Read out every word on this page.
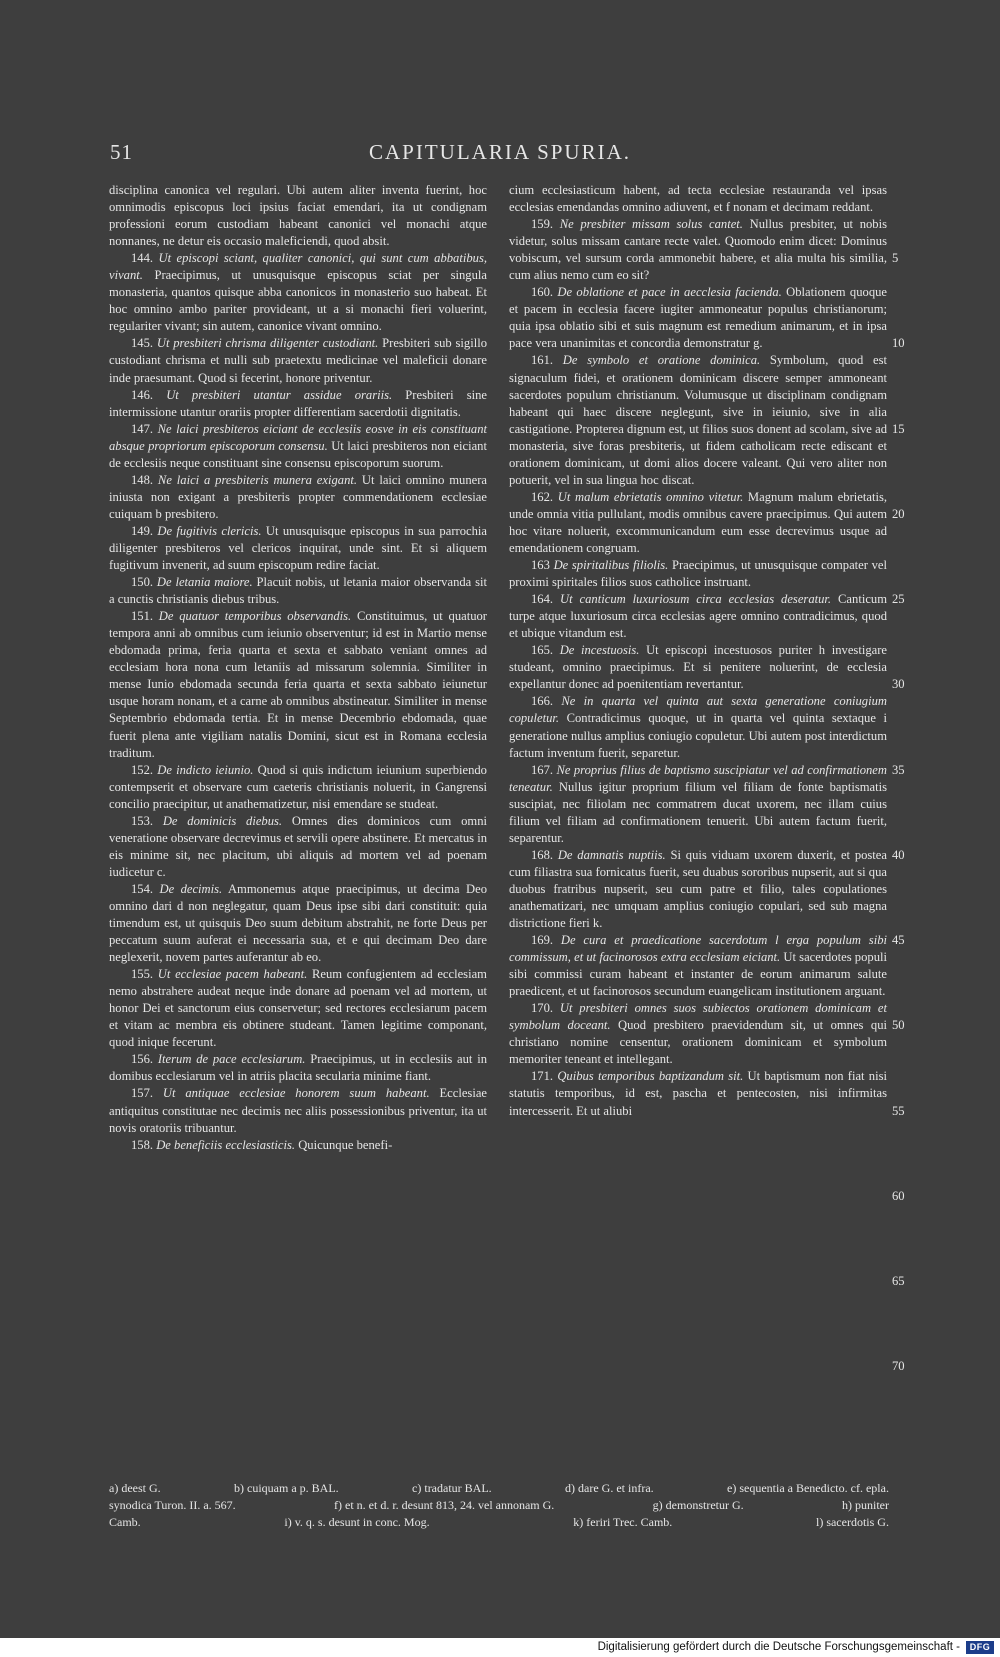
51	CAPITULARIA SPURIA.

disciplina canonica vel regulari. Ubi autem aliter inventa fuerint, hoc omnimodis episcopus loci ipsius faciat emendari, ita ut condignam professioni eorum custodiam habeant canonici vel monachi atque nonnanes, ne detur eis occasio maleficiendi, quod absit.

144. Ut episcopi sciant, qualiter canonici, qui sunt cum abbatibus, vivant. Praecipimus, ut unusquisque episcopus sciat per singula monasteria, quantos quisque abba canonicos in monasterio suo habeat. Et hoc omnino ambo pariter provideant, ut a si monachi fieri voluerint, regulariter vivant; sin autem, canonice vivant omnino.

145. Ut presbiteri chrisma diligenter custodiant. Presbiteri sub sigillo custodiant chrisma et nulli sub praetextu medicinae vel maleficii donare inde praesumant. Quod si fecerint, honore priventur.

146. Ut presbiteri utantur assidue orariis. Presbiteri sine intermissione utantur orariis propter differentiam sacerdotii dignitatis.

147. Ne laici presbiteros eiciant de ecclesiis eosve in eis constituant absque propriorum episcoporum consensu. Ut laici presbiteros non eiciant de ecclesiis neque constituant sine consensu episcoporum suorum.

148. Ne laici a presbiteris munera exigant. Ut laici omnino munera iniusta non exigant a presbiteris propter commendationem ecclesiae cuiquam b presbitero.

149. De fugitivis clericis. Ut unusquisque episcopus in sua parrochia diligenter presbiteros vel clericos inquirat, unde sint. Et si aliquem fugitivum invenerit, ad suum episcopum redire faciat.

150. De letania maiore. Placuit nobis, ut letania maior observanda sit a cunctis christianis diebus tribus.

151. De quatuor temporibus observandis. Constituimus, ut quatuor tempora anni ab omnibus cum ieiunio observentur; id est in Martio mense ebdomada prima, feria quarta et sexta et sabbato veniant omnes ad ecclesiam hora nona cum letaniis ad missarum solemnia. Similiter in mense Iunio ebdomada secunda feria quarta et sexta sabbato ieiunetur usque horam nonam, et a carne ab omnibus abstineatur. Similiter in mense Septembrio ebdomada tertia. Et in mense Decembrio ebdomada, quae fuerit plena ante vigiliam natalis Domini, sicut est in Romana ecclesia traditum.

152. De indicto ieiunio. Quod si quis indictum ieiunium superbiendo contempserit et observare cum caeteris christianis noluerit, in Gangrensi concilio praecipitur, ut anathematizetur, nisi emendare se studeat.

153. De dominicis diebus. Omnes dies dominicos cum omni veneratione observare decrevimus et servili opere abstinere. Et mercatus in eis minime sit, nec placitum, ubi aliquis ad mortem vel ad poenam iudicetur c.

154. De decimis. Ammonemus atque praecipimus, ut decima Deo omnino dari d non neglegatur, quam Deus ipse sibi dari constituit: quia timendum est, ut quisquis Deo suum debitum abstrahit, ne forte Deus per peccatum suum auferat ei necessaria sua, et e qui decimam Deo dare neglexerit, novem partes auferantur ab eo.

155. Ut ecclesiae pacem habeant. Reum confugientem ad ecclesiam nemo abstrahere audeat neque inde donare ad poenam vel ad mortem, ut honor Dei et sanctorum eius conservetur; sed rectores ecclesiarum pacem et vitam ac membra eis obtinere studeant. Tamen legitime componant, quod inique fecerunt.

156. Iterum de pace ecclesiarum. Praecipimus, ut in ecclesiis aut in domibus ecclesiarum vel in atriis placita secularia minime fiant.

157. Ut antiquae ecclesiae honorem suum habeant. Ecclesiae antiquitus constitutae nec decimis nec aliis possessionibus priventur, ita ut novis oratoriis tribuantur.

158. De beneficiis ecclesiasticis. Quicunque benefi-

cium ecclesiasticum habent, ad tecta ecclesiae restauranda vel ipsas ecclesias emendandas omnino adiuvent, et f nonam et decimam reddant.

159. Ne presbiter missam solus cantet. Nullus presbiter, ut nobis videtur, solus missam cantare recte valet. Quomodo enim dicet: Dominus vobiscum, vel sursum corda ammonebit habere, et alia multa his similia, cum alius nemo cum eo sit?

160. De oblatione et pace in aecclesia facienda. Oblationem quoque et pacem in ecclesia facere iugiter ammoneatur populus christianorum; quia ipsa oblatio sibi et suis magnum est remedium animarum, et in ipsa pace vera unanimitas et concordia demonstratur g.

161. De symbolo et oratione dominica. Symbolum, quod est signaculum fidei, et orationem dominicam discere semper ammoneant sacerdotes populum christianum. Volumusque ut disciplinam condignam habeant qui haec discere neglegunt, sive in ieiunio, sive in alia castigatione. Propterea dignum est, ut filios suos donent ad scolam, sive ad monasteria, sive foras presbiteris, ut fidem catholicam recte ediscant et orationem dominicam, ut domi alios docere valeant. Qui vero aliter non potuerit, vel in sua lingua hoc discat.

162. Ut malum ebrietatis omnino vitetur. Magnum malum ebrietatis, unde omnia vitia pullulant, modis omnibus cavere praecipimus. Qui autem hoc vitare noluerit, excommunicandum eum esse decrevimus usque ad emendationem congruam.

163 De spiritalibus filiolis. Praecipimus, ut unusquisque compater vel proximi spiritales filios suos catholice instruant.

164. Ut canticum luxuriosum circa ecclesias deseratur. Canticum turpe atque luxuriosum circa ecclesias agere omnino contradicimus, quod et ubique vitandum est.

165. De incestuosis. Ut episcopi incestuosos puriter h investigare studeant, omnino praecipimus. Et si penitere noluerint, de ecclesia expellantur donec ad poenitentiam revertantur.

166. Ne in quarta vel quinta aut sexta generatione coniugium copuletur. Contradicimus quoque, ut in quarta vel quinta sextaque i generatione nullus amplius coniugio copuletur. Ubi autem post interdictum factum inventum fuerit, separetur.

167. Ne proprius filius de baptismo suscipiatur vel ad confirmationem teneatur. Nullus igitur proprium filium vel filiam de fonte baptismatis suscipiat, nec filiolam nec commatrem ducat uxorem, nec illam cuius filium vel filiam ad confirmationem tenuerit. Ubi autem factum fuerit, separentur.

168. De damnatis nuptiis. Si quis viduam uxorem duxerit, et postea cum filiastra sua fornicatus fuerit, seu duabus sororibus nupserit, aut si qua duobus fratribus nupserit, seu cum patre et filio, tales copulationes anathematizari, nec umquam amplius coniugio copulari, sed sub magna districtione fieri k.

169. De cura et praedicatione sacerdotum l erga populum sibi commissum, et ut facinorosos extra ecclesiam eiciant. Ut sacerdotes populi sibi commissi curam habeant et instanter de eorum animarum salute praedicent, et ut facinorosos secundum euangelicam institutionem arguant.

170. Ut presbiteri omnes suos subiectos orationem dominicam et symbolum doceant. Quod presbitero praevidendum sit, ut omnes qui christiano nomine censentur, orationem dominicam et symbolum memoriter teneant et intellegant.

171. Quibus temporibus baptizandum sit. Ut baptismum non fiat nisi statutis temporibus, id est, pascha et pentecosten, nisi infirmitas intercesserit. Et ut aliubi

5
10
15
20
25
30
35
40
45
50
55
60
65
70
a) deest G.	b) cuiquam a p. BAL.	c) tradatur BAL.	d) dare G. et infra.	e) sequentia a Benedicto. cf. epla.
synodica Turon. II. a. 567.	f) et n. et d. r. desunt 813, 24. vel annonam G.	g) demonstretur G.	h) puniter
Camb.	i) v. q. s. desunt in conc. Mog.	k) feriri Trec. Camb.	l) sacerdotis G.
Digitalisierung gefördert durch die Deutsche Forschungsgemeinschaft -	DFG
